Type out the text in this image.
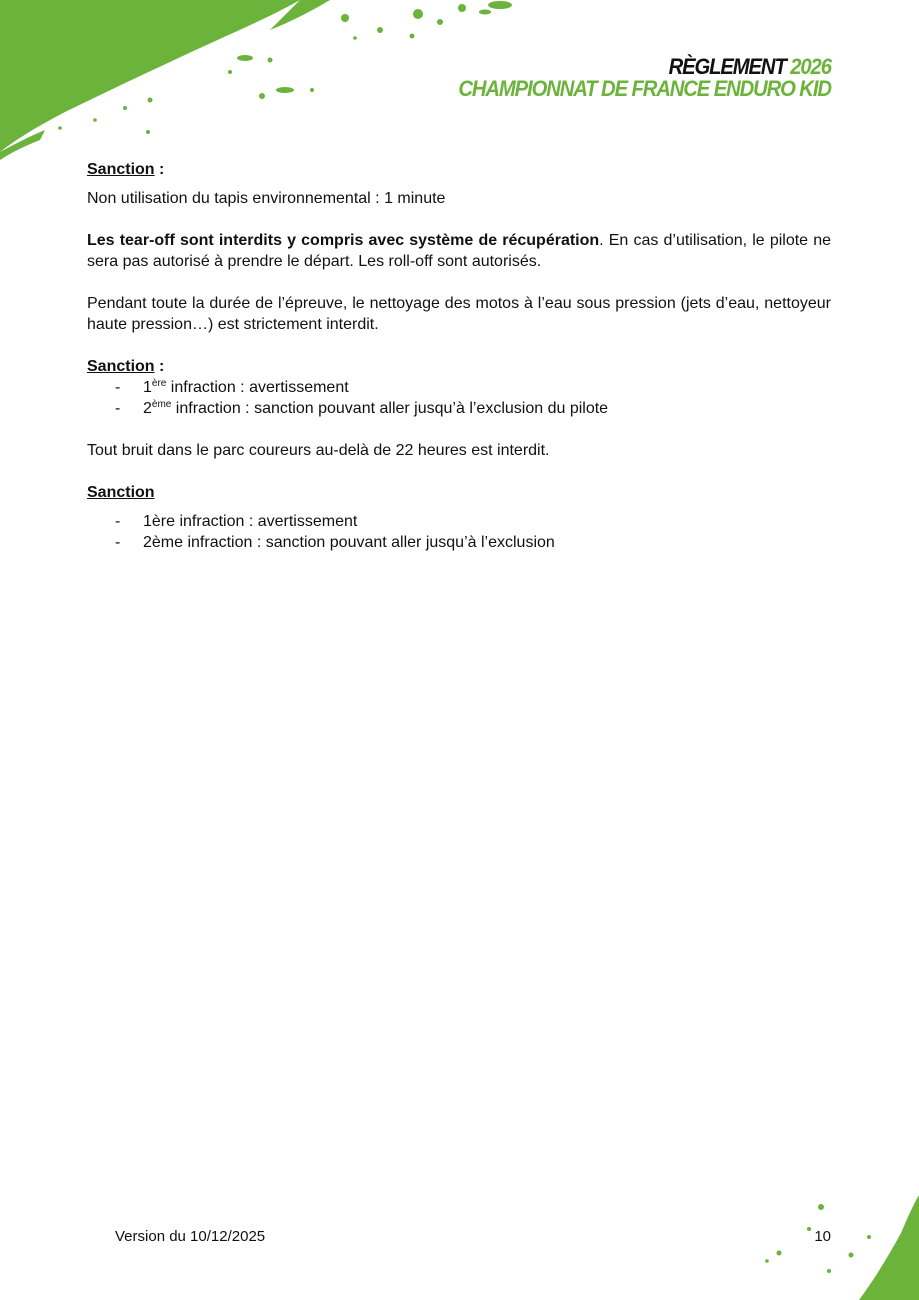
RÈGLEMENT 2026
CHAMPIONNAT DE FRANCE ENDURO KID

Sanction :

Non utilisation du tapis environnemental : 1 minute

Les tear-off sont interdits y compris avec système de récupération. En cas d’utilisation, le pilote ne sera pas autorisé à prendre le départ. Les roll-off sont autorisés.

Pendant toute la durée de l’épreuve, le nettoyage des motos à l’eau sous pression (jets d’eau, nettoyeur haute pression…) est strictement interdit.

Sanction :

- 1ère infraction : avertissement
- 2ème infraction : sanction pouvant aller jusqu’à l’exclusion du pilote

Tout bruit dans le parc coureurs au-delà de 22 heures est interdit.

Sanction

- 1ère infraction : avertissement
- 2ème infraction : sanction pouvant aller jusqu’à l’exclusion
Version du 10/12/2025	10
